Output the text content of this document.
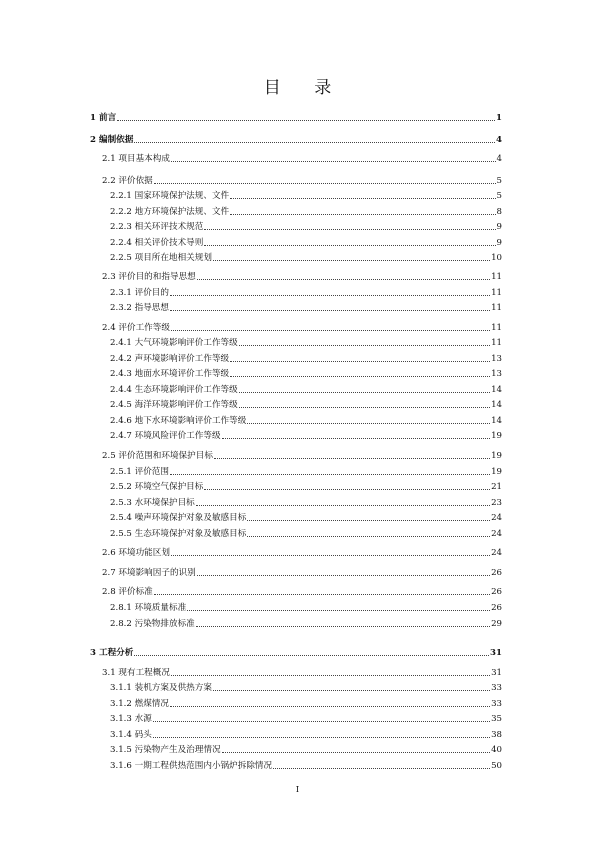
目 录
1 前言	1
2 编制依据	4
2.1 项目基本构成	4
2.2 评价依据	5
2.2.1 国家环境保护法规、文件	5
2.2.2 地方环境保护法规、文件	8
2.2.3 相关环评技术规范	9
2.2.4 相关评价技术导则	9
2.2.5 项目所在地相关规划	10
2.3 评价目的和指导思想	11
2.3.1 评价目的	11
2.3.2 指导思想	11
2.4 评价工作等级	11
2.4.1 大气环境影响评价工作等级	11
2.4.2 声环境影响评价工作等级	13
2.4.3 地面水环境评价工作等级	13
2.4.4 生态环境影响评价工作等级	14
2.4.5 海洋环境影响评价工作等级	14
2.4.6 地下水环境影响评价工作等级	14
2.4.7 环境风险评价工作等级	19
2.5 评价范围和环境保护目标	19
2.5.1 评价范围	19
2.5.2 环境空气保护目标	21
2.5.3 水环境保护目标	23
2.5.4 噪声环境保护对象及敏感目标	24
2.5.5 生态环境保护对象及敏感目标	24
2.6 环境功能区划	24
2.7 环境影响因子的识别	26
2.8 评价标准	26
2.8.1 环境质量标准	26
2.8.2 污染物排放标准	29
3 工程分析	31
3.1 现有工程概况	31
3.1.1 装机方案及供热方案	33
3.1.2 燃煤情况	33
3.1.3 水源	35
3.1.4 码头	38
3.1.5 污染物产生及治理情况	40
3.1.6 一期工程供热范围内小锅炉拆除情况	50
I
